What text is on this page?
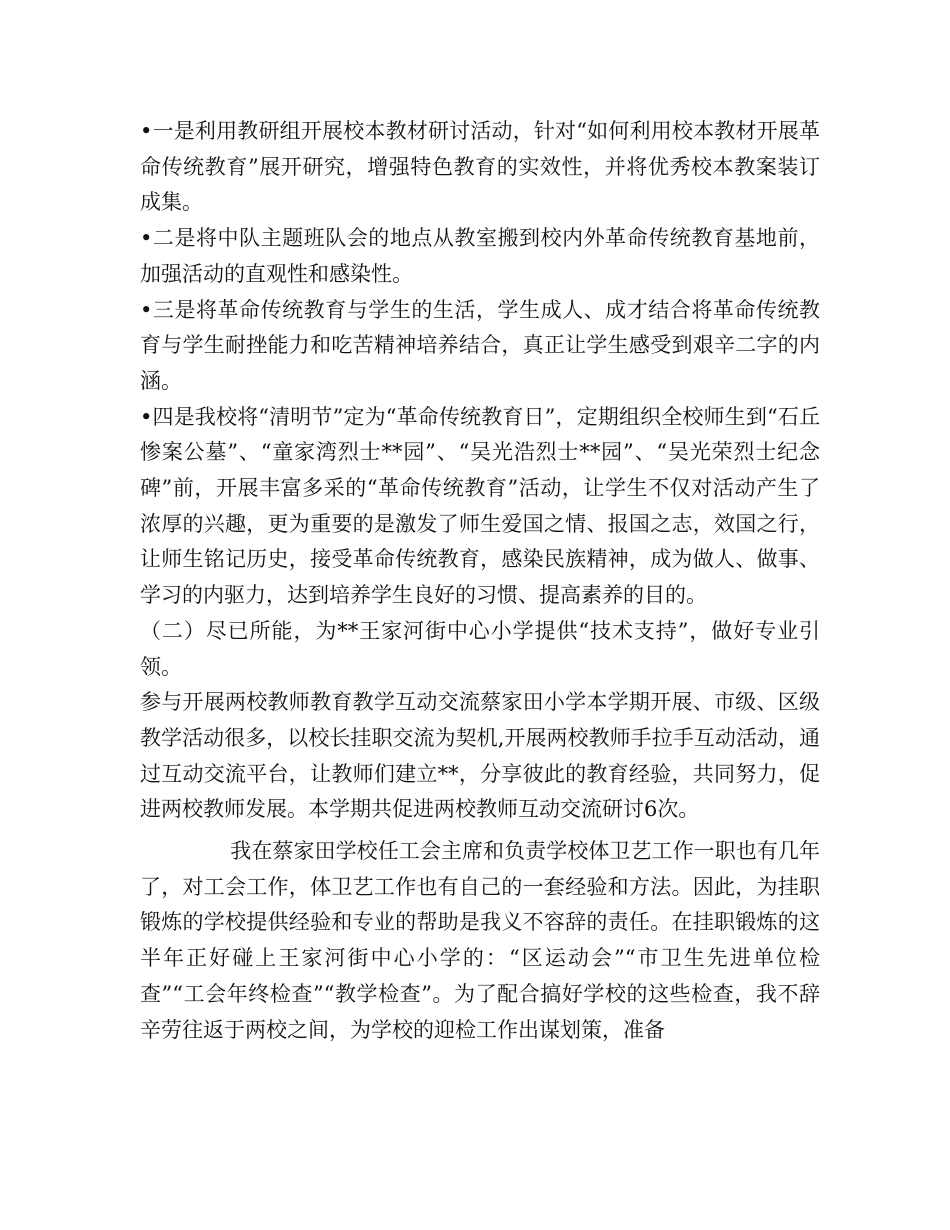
•一是利用教研组开展校本教材研讨活动，针对“如何利用校本教材开展革命传统教育”展开研究，增强特色教育的实效性，并将优秀校本教案装订成集。

•二是将中队主题班队会的地点从教室搬到校内外革命传统教育基地前，加强活动的直观性和感染性。

•三是将革命传统教育与学生的生活，学生成人、成才结合将革命传统教育与学生耐挫能力和吃苦精神培养结合，真正让学生感受到艰辛二字的内涵。

•四是我校将“清明节”定为“革命传统教育日”，定期组织全校师生到“石丘惨案公墓”、“童家湾烈士**园”、“吴光浩烈士**园”、“吴光荣烈士纪念碑”前，开展丰富多采的“革命传统教育”活动，让学生不仅对活动产生了浓厚的兴趣，更为重要的是激发了师生爱国之情、报国之志，效国之行，让师生铭记历史，接受革命传统教育，感染民族精神，成为做人、做事、学习的内驱力，达到培养学生良好的习惯、提高素养的目的。

（二）尽已所能，为**王家河街中心小学提供“技术支持”，做好专业引领。

参与开展两校教师教育教学互动交流蔡家田小学本学期开展、市级、区级教学活动很多，以校长挂职交流为契机,开展两校教师手拉手互动活动，通过互动交流平台，让教师们建立**，分享彼此的教育经验，共同努力，促进两校教师发展。本学期共促进两校教师互动交流研讨6次。

我在蔡家田学校任工会主席和负责学校体卫艺工作一职也有几年了，对工会工作，体卫艺工作也有自己的一套经验和方法。因此，为挂职锻炼的学校提供经验和专业的帮助是我义不容辞的责任。在挂职锻炼的这半年正好碰上王家河街中心小学的：“区运动会”“市卫生先进单位检查”“工会年终检查”“教学检查”。为了配合搞好学校的这些检查，我不辞辛劳往返于两校之间，为学校的迎检工作出谋划策，准备
